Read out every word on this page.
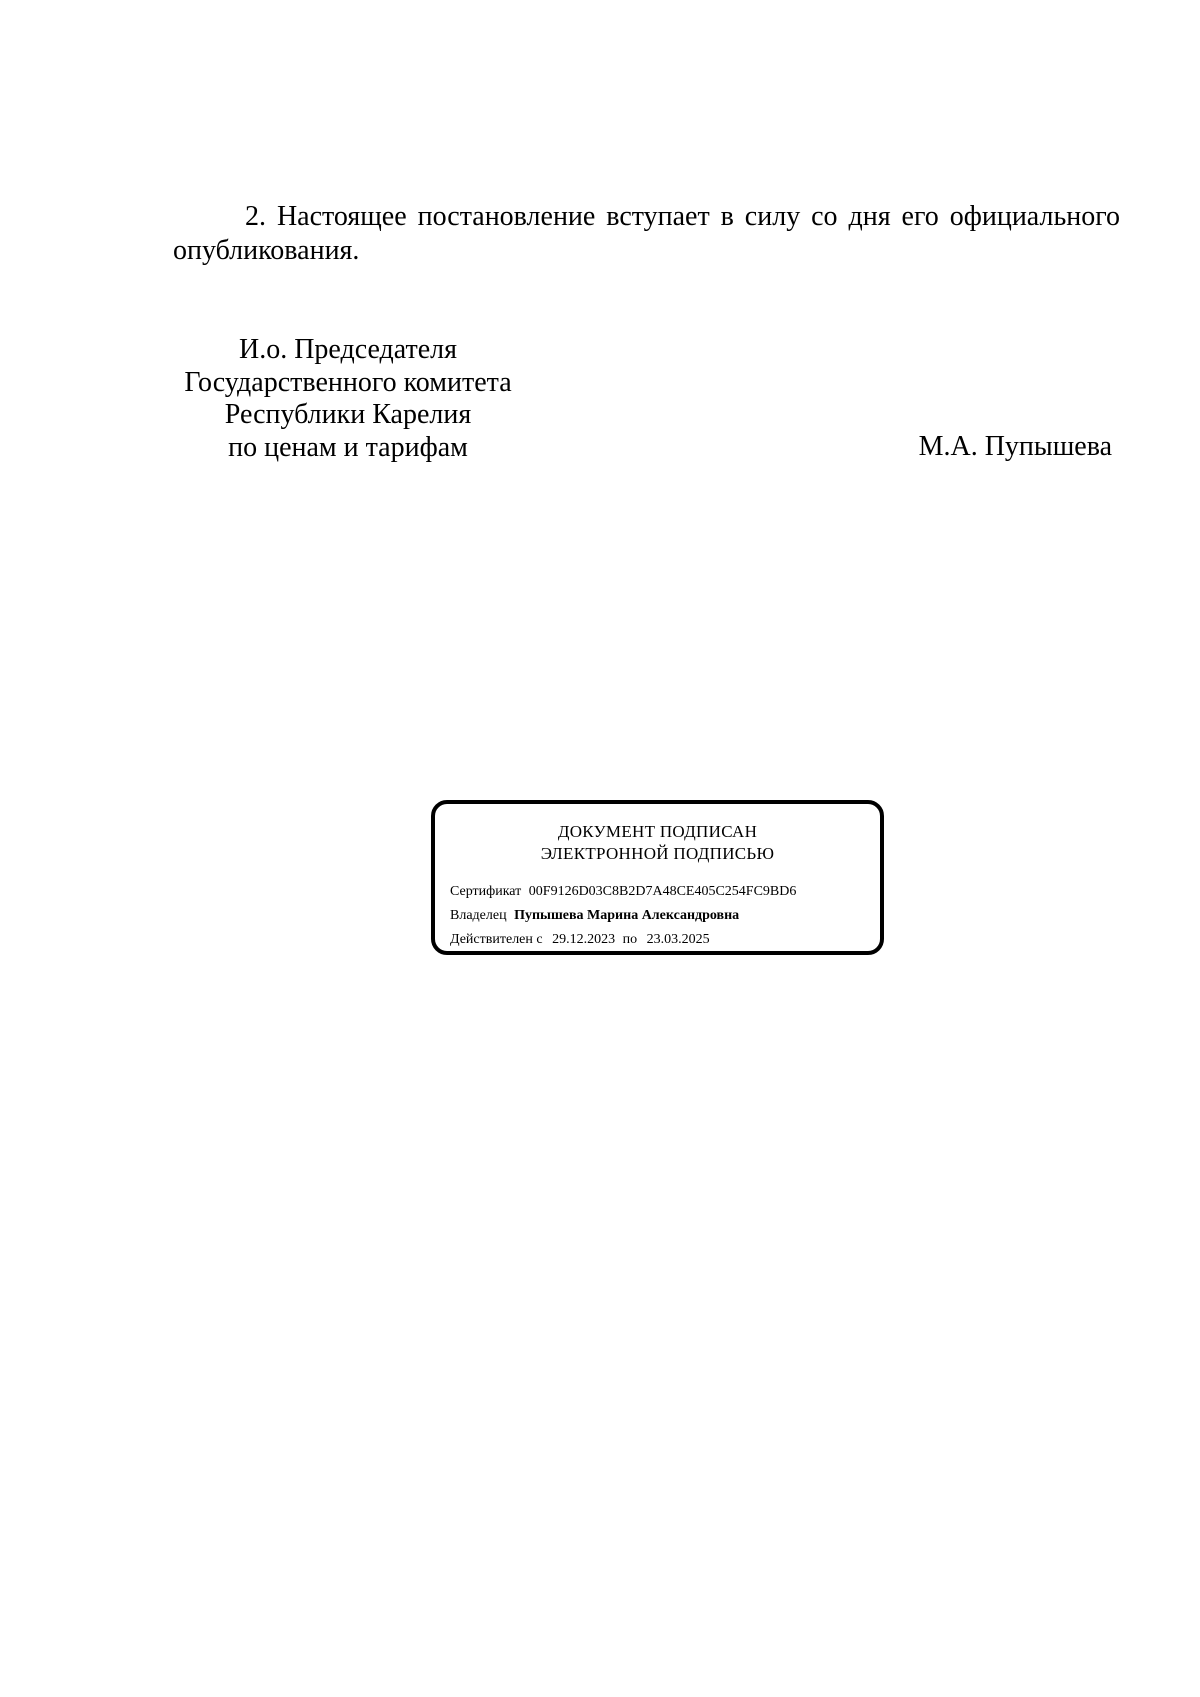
2. Настоящее постановление вступает в силу со дня его официального опубликования.

И.о. Председателя
Государственного комитета
Республики Карелия
по ценам и тарифам	М.А. Пупышева
ДОКУМЕНТ ПОДПИСАН
ЭЛЕКТРОННОЙ ПОДПИСЬЮ
Сертификат 00F9126D03C8B2D7A48CE405C254FC9BD6
Владелец Пупышева Марина Александровна
Действителен с 29.12.2023 по 23.03.2025
